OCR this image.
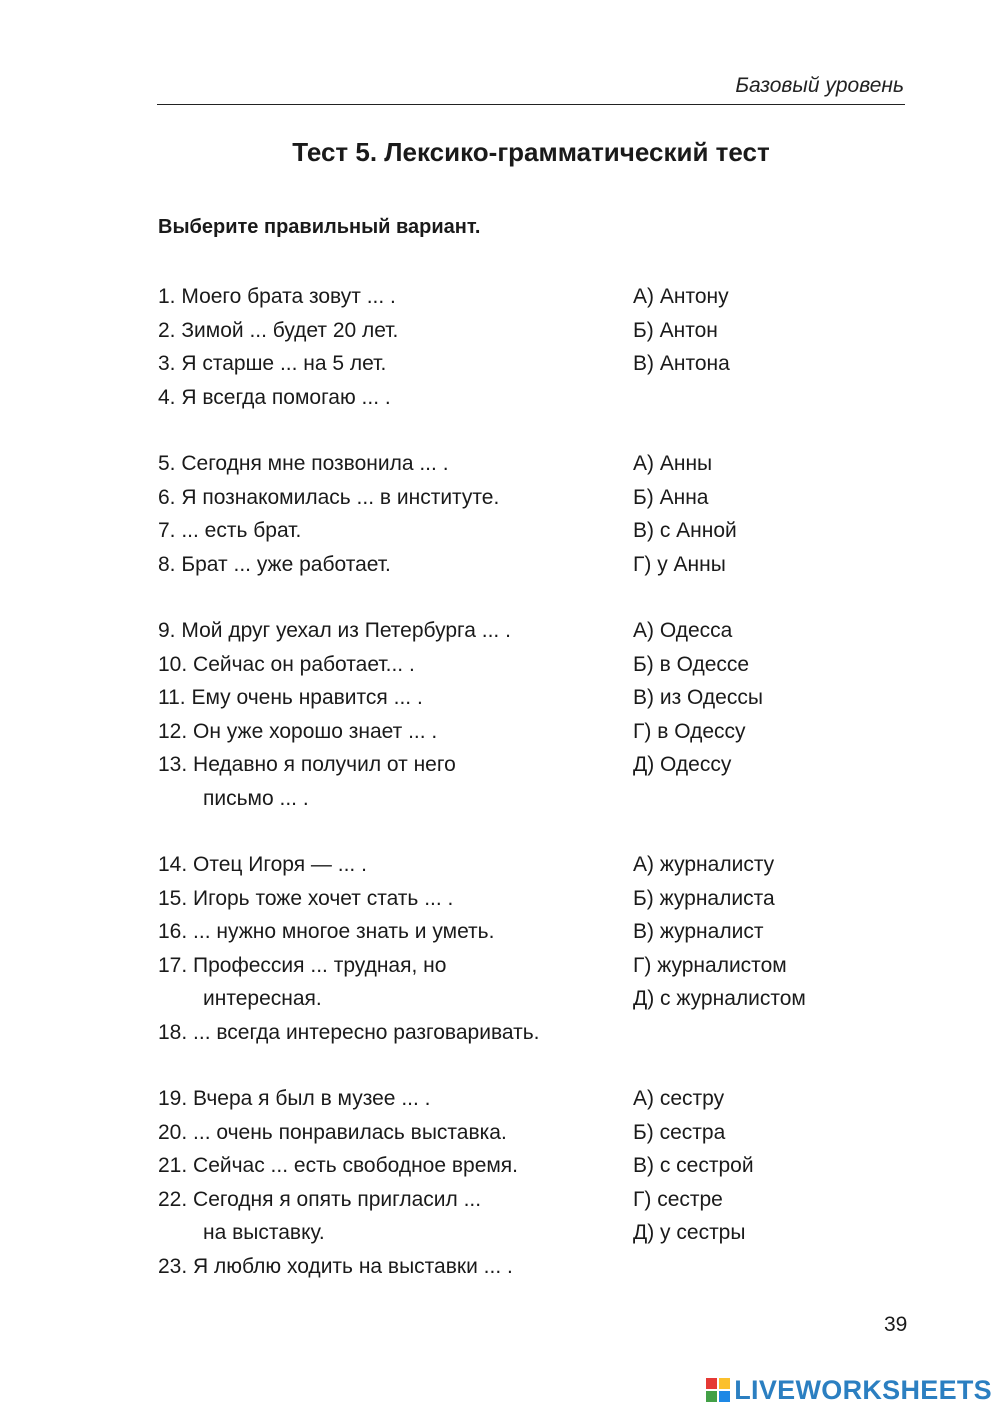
Базовый уровень
Тест 5. Лексико-грамматический тест
Выберите правильный вариант.
1. Моего брата зовут ... .	А) Антону
2. Зимой ... будет 20 лет.	Б) Антон
3. Я старше ... на 5 лет.	В) Антона
4. Я всегда помогаю ... .
5. Сегодня мне позвонила ... .	А) Анны
6. Я познакомилась ... в институте.	Б) Анна
7. ... есть брат.	В) с Анной
8. Брат ... уже работает.	Г) у Анны
9. Мой друг уехал из Петербурга ... .	А) Одесса
10. Сейчас он работает... .	Б) в Одессе
11. Ему очень нравится ... .	В) из Одессы
12. Он уже хорошо знает ... .	Г) в Одессу
13. Недавно я получил от него	Д) Одессу
письмо ... .
14. Отец Игоря — ... .	А) журналисту
15. Игорь тоже хочет стать ... .	Б) журналиста
16. ... нужно многое знать и уметь.	В) журналист
17. Профессия ... трудная, но	Г) журналистом
интересная.	Д) с журналистом
18. ... всегда интересно разговаривать.
19. Вчера я был в музее ... .	А) сестру
20. ... очень понравилась выставка.	Б) сестра
21. Сейчас ... есть свободное время.	В) с сестрой
22. Сегодня я опять пригласил ...	Г) сестре
на выставку.	Д) у сестры
23. Я люблю ходить на выставки ... .
39
LIVEWORKSHEETS
